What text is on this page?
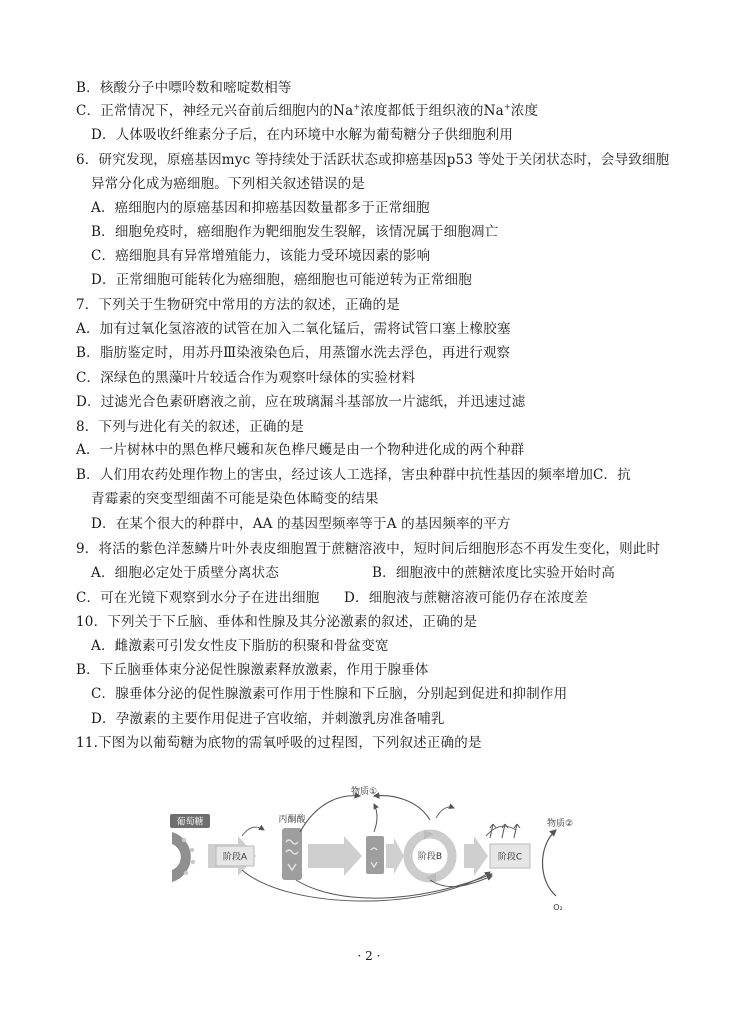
B．核酸分子中嘌呤数和嘧啶数相等
C．正常情况下，神经元兴奋前后细胞内的Na+浓度都低于组织液的Na+浓度
D．人体吸收纤维素分子后，在内环境中水解为葡萄糖分子供细胞利用
6．研究发现，原癌基因myc 等持续处于活跃状态或抑癌基因p53 等处于关闭状态时，会导致细胞
异常分化成为癌细胞。下列相关叙述错误的是
A．癌细胞内的原癌基因和抑癌基因数量都多于正常细胞
B．细胞免疫时，癌细胞作为靶细胞发生裂解，该情况属于细胞凋亡
C．癌细胞具有异常增殖能力，该能力受环境因素的影响
D．正常细胞可能转化为癌细胞，癌细胞也可能逆转为正常细胞
7．下列关于生物研究中常用的方法的叙述，正确的是
A．加有过氧化氢溶液的试管在加入二氧化锰后，需将试管口塞上橡胶塞
B．脂肪鉴定时，用苏丹Ⅲ染液染色后，用蒸馏水洗去浮色，再进行观察
C．深绿色的黑藻叶片较适合作为观察叶绿体的实验材料
D．过滤光合色素研磨液之前，应在玻璃漏斗基部放一片滤纸，并迅速过滤
8．下列与进化有关的叙述，正确的是
A．一片树林中的黑色桦尺蠖和灰色桦尺蠖是由一个物种进化成的两个种群
B．人们用农药处理作物上的害虫，经过该人工选择，害虫种群中抗性基因的频率增加C．抗
青霉素的突变型细菌不可能是染色体畸变的结果
D．在某个很大的种群中，AA 的基因型频率等于A 的基因频率的平方
9．将活的紫色洋葱鳞片叶外表皮细胞置于蔗糖溶液中，短时间后细胞形态不再发生变化，则此时
A．细胞必定处于质壁分离状态	B．细胞液中的蔗糖浓度比实验开始时高
C．可在光镜下观察到水分子在进出细胞 D．细胞液与蔗糖溶液可能仍存在浓度差
10．下列关于下丘脑、垂体和性腺及其分泌激素的叙述，正确的是
A．雌激素可引发女性皮下脂肪的积聚和骨盆变宽
B．下丘脑垂体束分泌促性腺激素释放激素，作用于腺垂体
C．腺垂体分泌的促性腺激素可作用于性腺和下丘脑，分别起到促进和抑制作用
D．孕激素的主要作用促进子宫收缩，并刺激乳房准备哺乳
11.下图为以葡萄糖为底物的需氧呼吸的过程图，下列叙述正确的是
葡萄糖
阶段A
丙酮酸
阶段B
物质①
阶段C
物质②
O₂
· 2 ·
